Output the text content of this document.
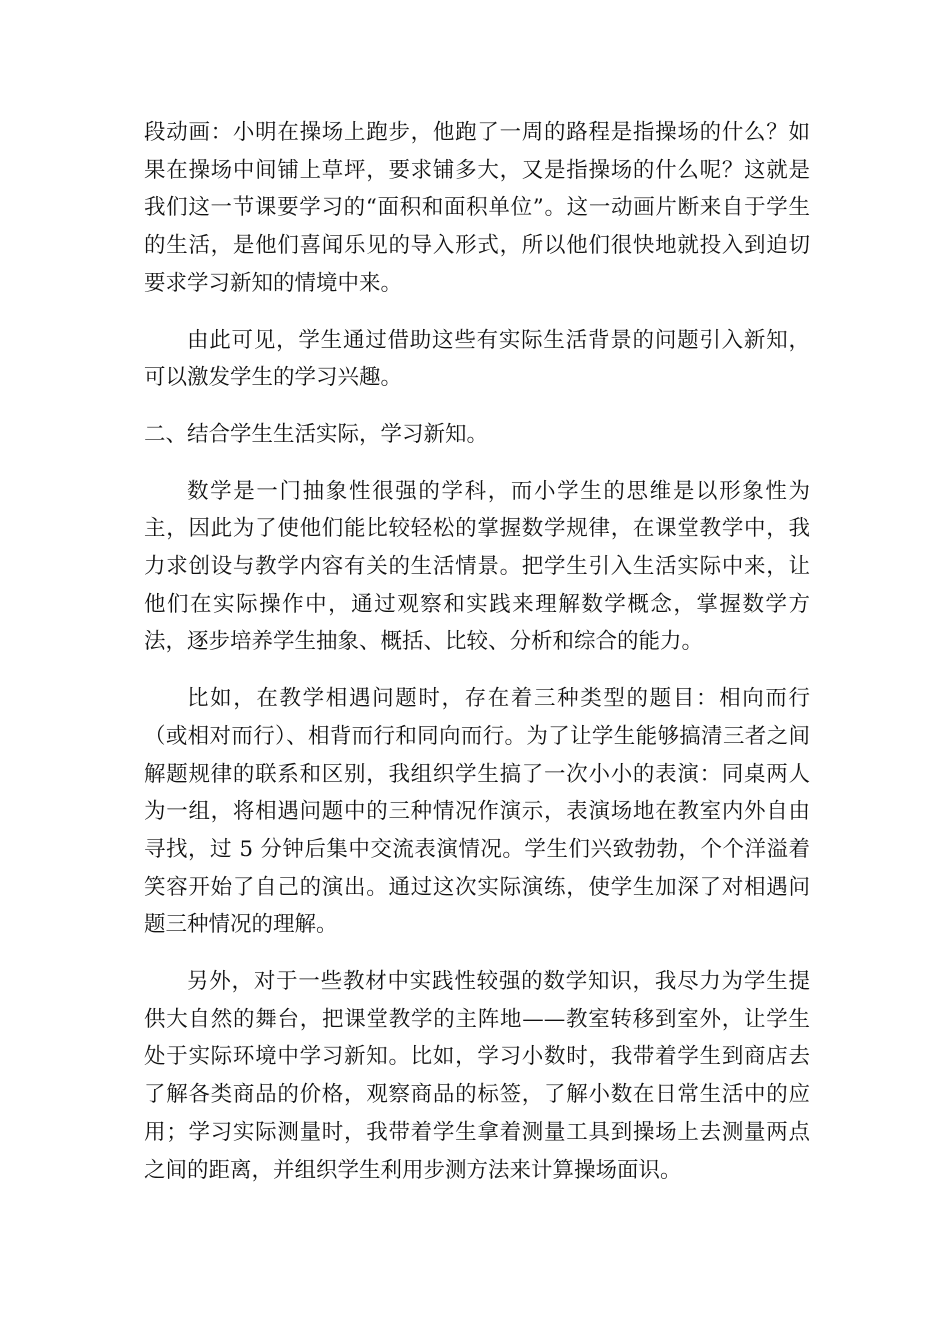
段动画：小明在操场上跑步，他跑了一周的路程是指操场的什么？如果在操场中间铺上草坪，要求铺多大，又是指操场的什么呢？这就是我们这一节课要学习的“面积和面积单位”。这一动画片断来自于学生的生活，是他们喜闻乐见的导入形式，所以他们很快地就投入到迫切要求学习新知的情境中来。

由此可见，学生通过借助这些有实际生活背景的问题引入新知，可以激发学生的学习兴趣。

二、结合学生生活实际，学习新知。

数学是一门抽象性很强的学科，而小学生的思维是以形象性为主，因此为了使他们能比较轻松的掌握数学规律，在课堂教学中，我力求创设与教学内容有关的生活情景。把学生引入生活实际中来，让他们在实际操作中，通过观察和实践来理解数学概念，掌握数学方法，逐步培养学生抽象、概括、比较、分析和综合的能力。

比如，在教学相遇问题时，存在着三种类型的题目：相向而行（或相对而行）、相背而行和同向而行。为了让学生能够搞清三者之间解题规律的联系和区别，我组织学生搞了一次小小的表演：同桌两人为一组，将相遇问题中的三种情况作演示，表演场地在教室内外自由寻找，过 5 分钟后集中交流表演情况。学生们兴致勃勃，个个洋溢着笑容开始了自己的演出。通过这次实际演练，使学生加深了对相遇问题三种情况的理解。

另外，对于一些教材中实践性较强的数学知识，我尽力为学生提供大自然的舞台，把课堂教学的主阵地——教室转移到室外，让学生处于实际环境中学习新知。比如，学习小数时，我带着学生到商店去了解各类商品的价格，观察商品的标签，了解小数在日常生活中的应用；学习实际测量时，我带着学生拿着测量工具到操场上去测量两点之间的距离，并组织学生利用步测方法来计算操场面识。
